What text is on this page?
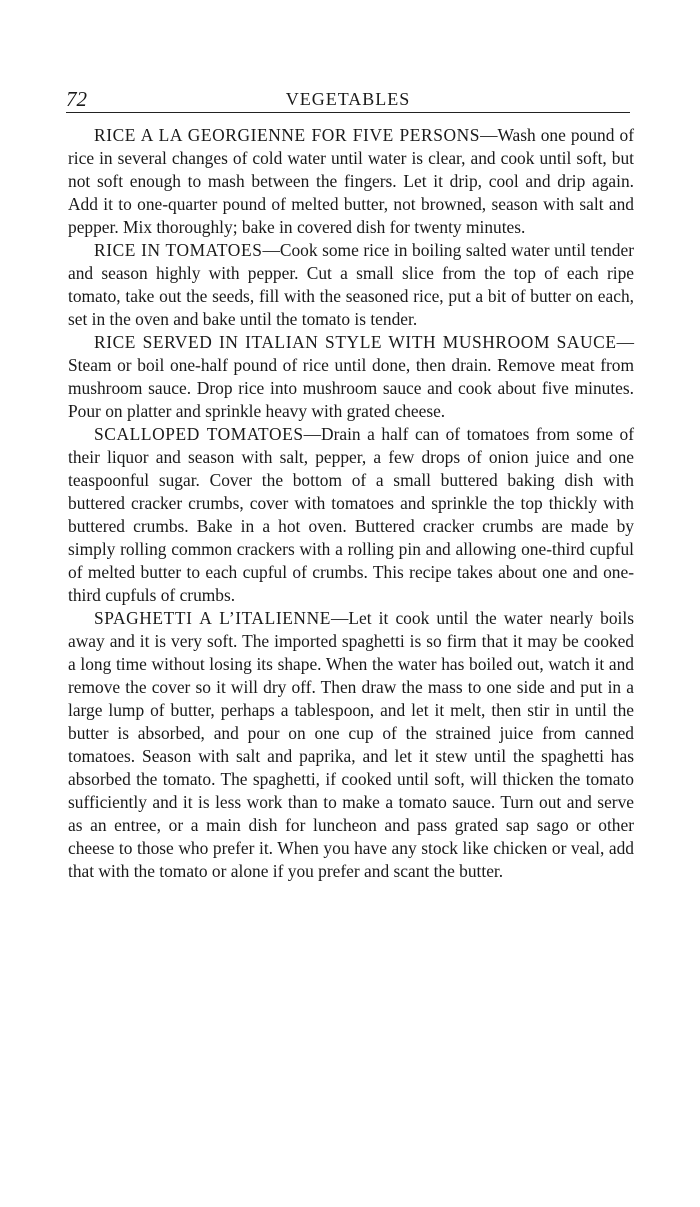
72	VEGETABLES

RICE A LA GEORGIENNE FOR FIVE PERSONS—Wash one pound of rice in several changes of cold water until water is clear, and cook until soft, but not soft enough to mash between the fingers. Let it drip, cool and drip again. Add it to one-quarter pound of melted butter, not browned, season with salt and pepper. Mix thoroughly; bake in covered dish for twenty minutes.

RICE IN TOMATOES—Cook some rice in boiling salted water until tender and season highly with pepper. Cut a small slice from the top of each ripe tomato, take out the seeds, fill with the seasoned rice, put a bit of butter on each, set in the oven and bake until the tomato is tender.

RICE SERVED IN ITALIAN STYLE WITH MUSHROOM SAUCE—Steam or boil one-half pound of rice until done, then drain. Remove meat from mushroom sauce. Drop rice into mushroom sauce and cook about five minutes. Pour on platter and sprinkle heavy with grated cheese.

SCALLOPED TOMATOES—Drain a half can of tomatoes from some of their liquor and season with salt, pepper, a few drops of onion juice and one teaspoonful sugar. Cover the bottom of a small buttered baking dish with buttered cracker crumbs, cover with tomatoes and sprinkle the top thickly with buttered crumbs. Bake in a hot oven. Buttered cracker crumbs are made by simply rolling common crackers with a rolling pin and allowing one-third cupful of melted butter to each cupful of crumbs. This recipe takes about one and one-third cupfuls of crumbs.

SPAGHETTI A L’ITALIENNE—Let it cook until the water nearly boils away and it is very soft. The imported spaghetti is so firm that it may be cooked a long time without losing its shape. When the water has boiled out, watch it and remove the cover so it will dry off. Then draw the mass to one side and put in a large lump of butter, perhaps a tablespoon, and let it melt, then stir in until the butter is absorbed, and pour on one cup of the strained juice from canned tomatoes. Season with salt and paprika, and let it stew until the spaghetti has absorbed the tomato. The spaghetti, if cooked until soft, will thicken the tomato sufficiently and it is less work than to make a tomato sauce. Turn out and serve as an entree, or a main dish for luncheon and pass grated sap sago or other cheese to those who prefer it. When you have any stock like chicken or veal, add that with the tomato or alone if you prefer and scant the butter.
